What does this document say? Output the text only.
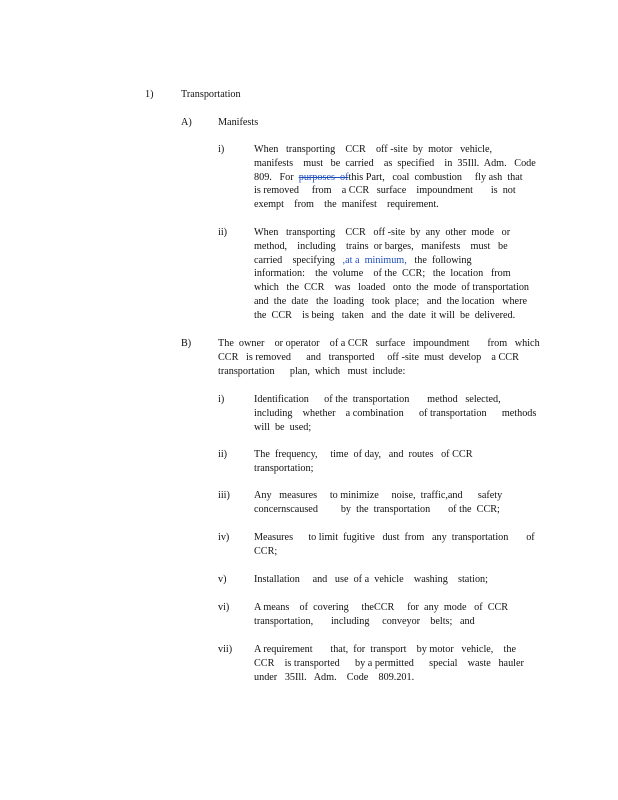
1)	Transportation
A)	Manifests
i)	When   transporting    CCR    off -site  by  motor   vehicle,
manifests    must   be  carried    as  specified    in  35Ill.  Adm.   Code
809.   For  purposes  ofthis Part,   coal  combustion     fly ash  that
is removed     from    a CCR   surface    impoundment       is  not
exempt    from    the  manifest    requirement.
ii)	When   transporting    CCR   off -site  by  any  other  mode   or
method,    including    trains  or barges,   manifests    must   be
carried    specifying   ,at a  minimum,   the  following
information:    the  volume    of the  CCR;   the  location   from
which   the  CCR    was   loaded   onto  the  mode  of transportation
and  the  date   the  loading   took  place;   and  the location   where
the  CCR    is being   taken   and  the  date  it will  be  delivered.
B)	The  owner    or operator    of a CCR   surface   impoundment       from   which
CCR   is removed      and   transported     off -site  must  develop    a CCR
transportation      plan,  which   must  include:
i)	Identification      of the  transportation       method   selected,
including    whether    a combination      of transportation      methods
will  be  used;
ii)	The  frequency,     time  of day,   and  routes   of CCR
transportation;
iii) Any   measures     to minimize     noise,  traffic,and      safety
concernscaused         by  the  transportation       of the  CCR;
iv) Measures      to limit  fugitive   dust  from   any  transportation       of
CCR;
v)	Installation     and   use  of a  vehicle    washing    station;
vi) A means    of  covering     theCCR     for  any  mode   of  CCR
transportation,       including     conveyor    belts;   and
vii) A requirement       that,  for  transport    by motor   vehicle,    the
CCR    is transported      by a permitted      special    waste   hauler
under   35Ill.   Adm.    Code    809.201.
